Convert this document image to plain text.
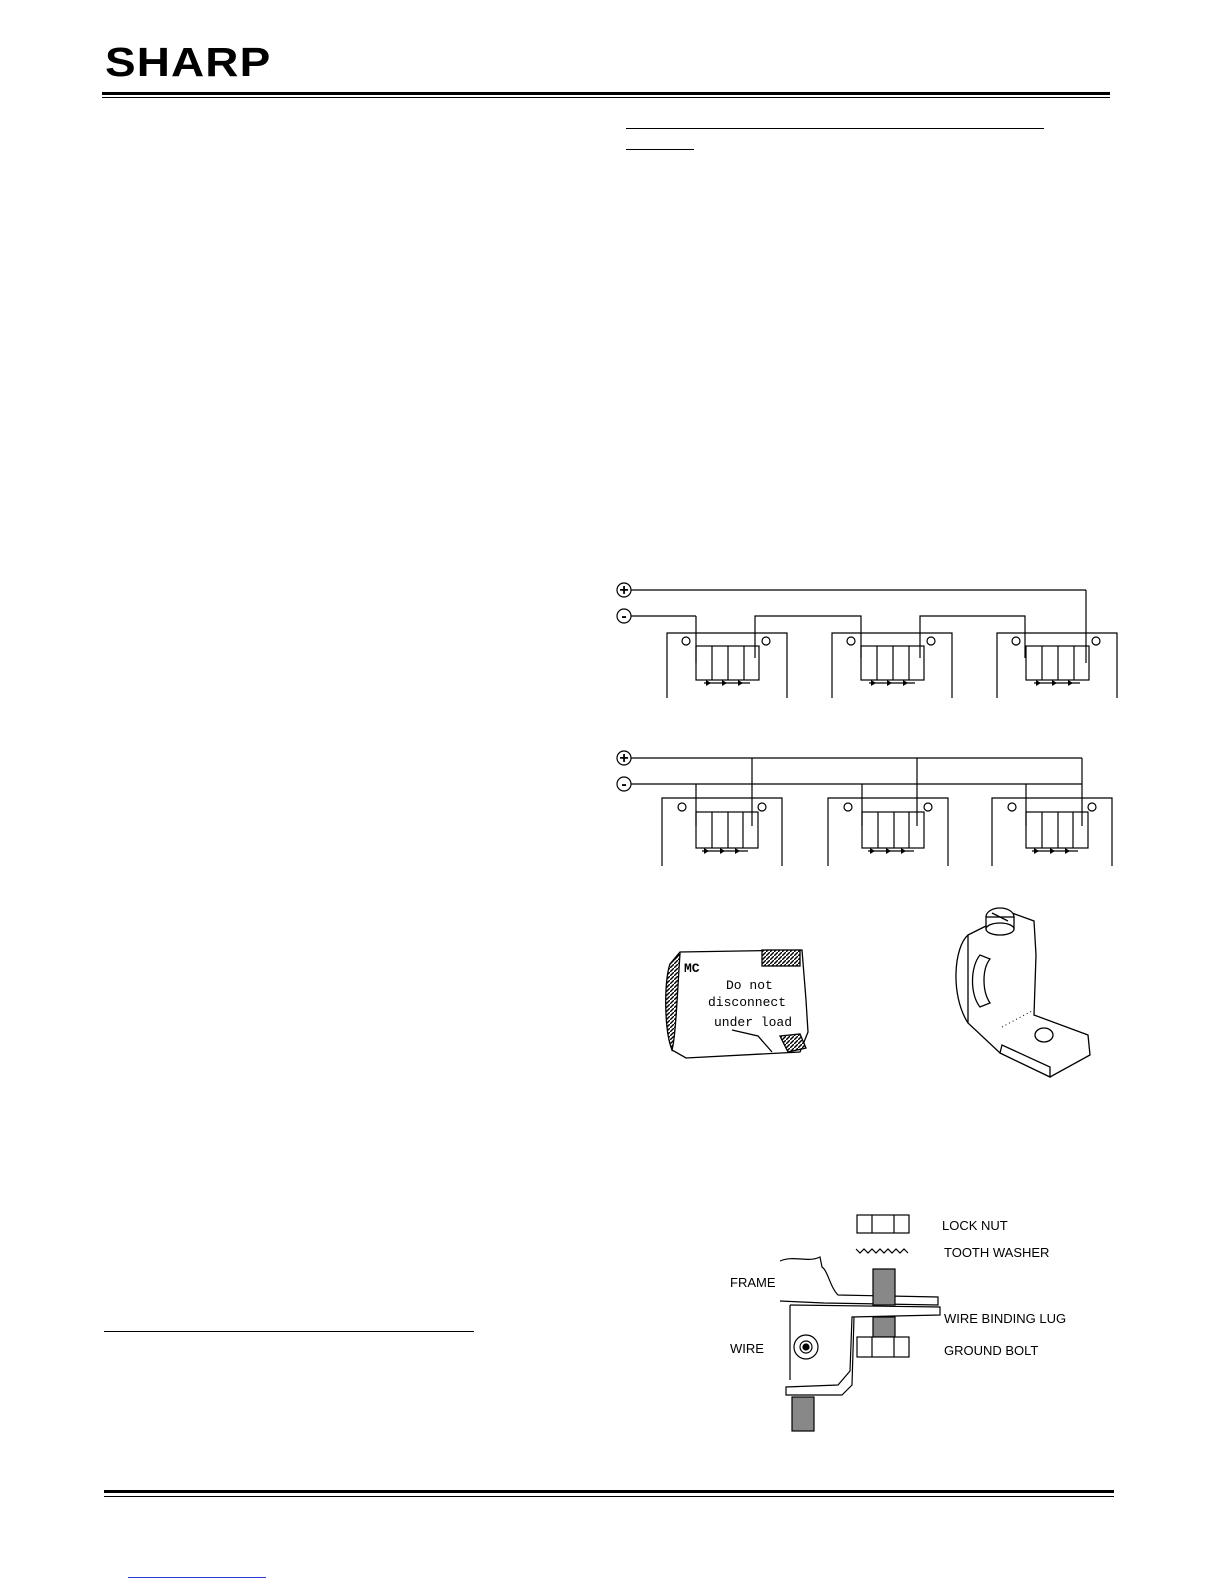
SHARP
+
-
+
-
MC
Do not
disconnect
under load
LOCK NUT
TOOTH WASHER
FRAME
WIRE BINDING LUG
WIRE	GROUND BOLT
